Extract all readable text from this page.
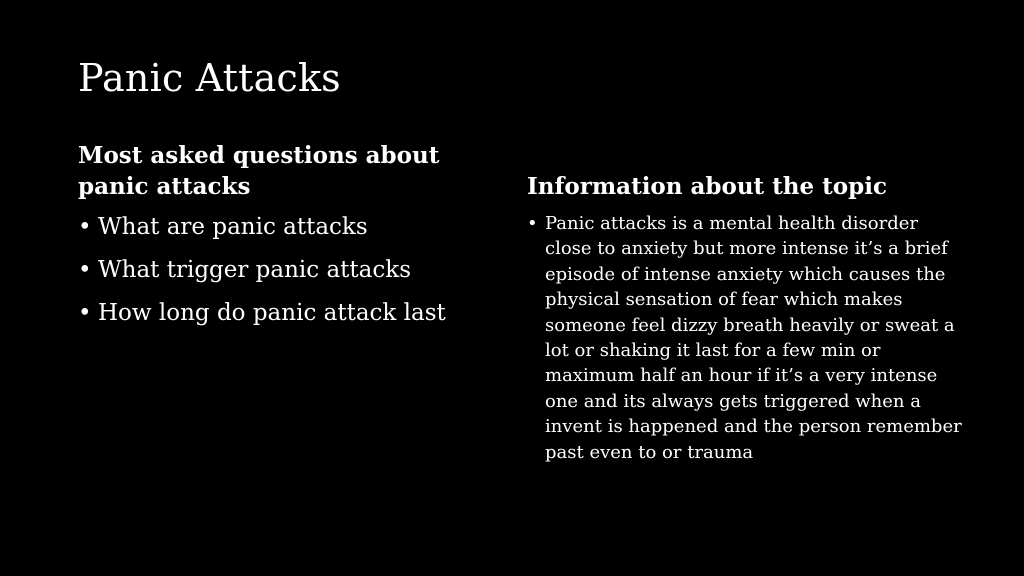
Panic Attacks
Most asked questions about panic attacks
• What are panic attacks
• What trigger panic attacks
• How long do panic attack last
Information about the topic
• Panic attacks is a mental health disorder close to anxiety but more intense it’s a brief episode of intense anxiety which causes the physical sensation of fear which makes someone feel dizzy breath heavily or sweat a lot or shaking it last for a few min or maximum half an hour if it’s a very intense one and its always gets triggered when a invent is happened and the person remember past even to or trauma
